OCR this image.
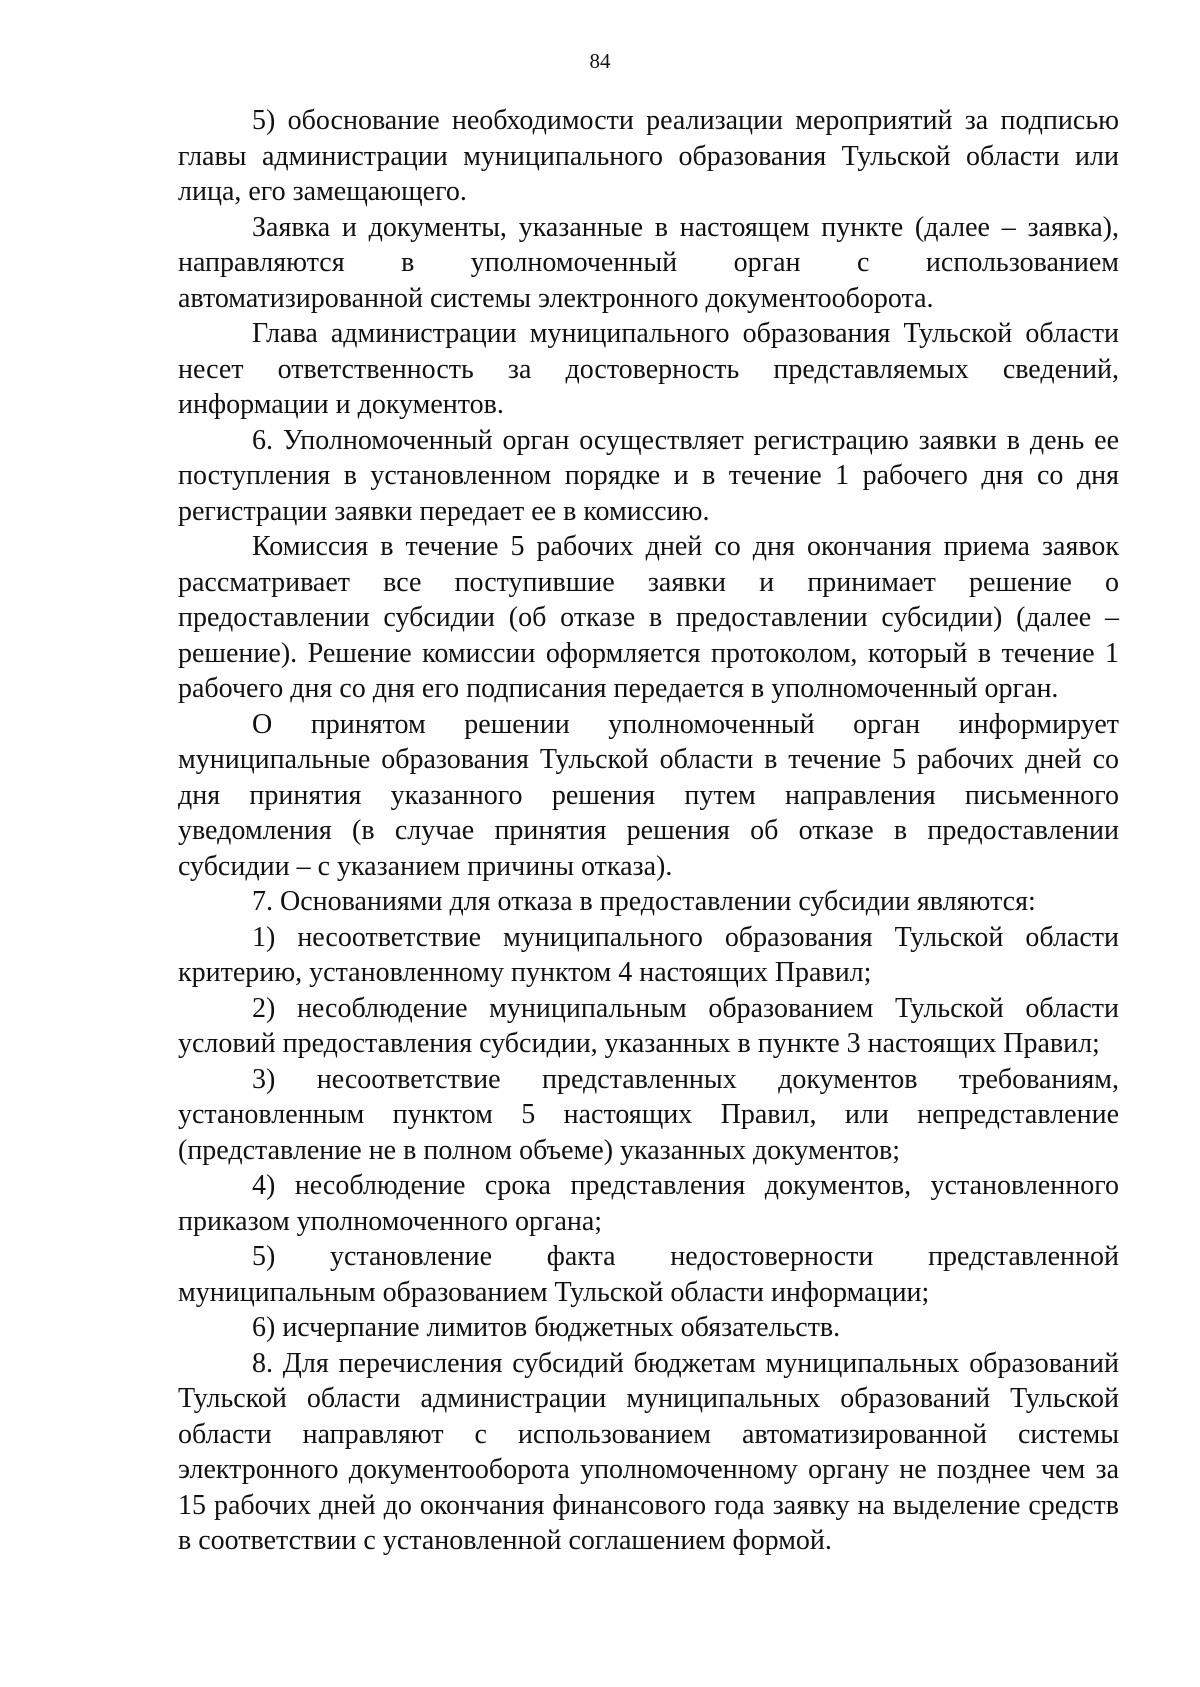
84

5) обоснование необходимости реализации мероприятий за подписью главы администрации муниципального образования Тульской области или лица, его замещающего.

Заявка и документы, указанные в настоящем пункте (далее – заявка), направляются в уполномоченный орган с использованием автоматизированной системы электронного документооборота.

Глава администрации муниципального образования Тульской области несет ответственность за достоверность представляемых сведений, информации и документов.

6. Уполномоченный орган осуществляет регистрацию заявки в день ее поступления в установленном порядке и в течение 1 рабочего дня со дня регистрации заявки передает ее в комиссию.

Комиссия в течение 5 рабочих дней со дня окончания приема заявок рассматривает все поступившие заявки и принимает решение о предоставлении субсидии (об отказе в предоставлении субсидии) (далее – решение). Решение комиссии оформляется протоколом, который в течение 1 рабочего дня со дня его подписания передается в уполномоченный орган.

О принятом решении уполномоченный орган информирует муниципальные образования Тульской области в течение 5 рабочих дней со дня принятия указанного решения путем направления письменного уведомления (в случае принятия решения об отказе в предоставлении субсидии – с указанием причины отказа).

7. Основаниями для отказа в предоставлении субсидии являются:

1) несоответствие муниципального образования Тульской области критерию, установленному пунктом 4 настоящих Правил;

2) несоблюдение муниципальным образованием Тульской области условий предоставления субсидии, указанных в пункте 3 настоящих Правил;

3) несоответствие представленных документов требованиям, установленным пунктом 5 настоящих Правил, или непредставление (представление не в полном объеме) указанных документов;

4) несоблюдение срока представления документов, установленного приказом уполномоченного органа;

5) установление факта недостоверности представленной муниципальным образованием Тульской области информации;

6) исчерпание лимитов бюджетных обязательств.

8. Для перечисления субсидий бюджетам муниципальных образований Тульской области администрации муниципальных образований Тульской области направляют с использованием автоматизированной системы электронного документооборота уполномоченному органу не позднее чем за 15 рабочих дней до окончания финансового года заявку на выделение средств в соответствии с установленной соглашением формой.
